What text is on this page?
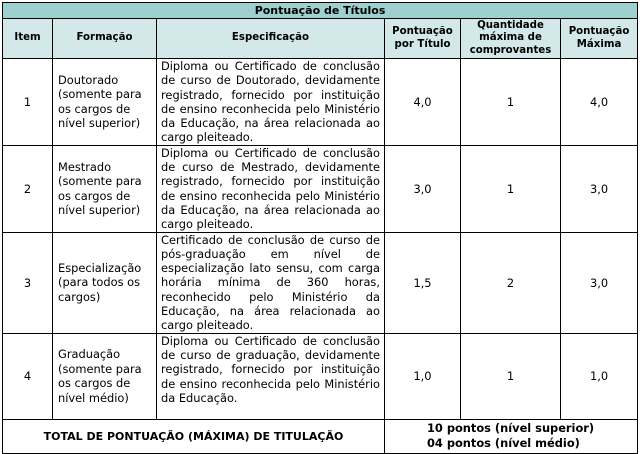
Pontuação de Títulos					
Item	Formação	Especificação	Pontuação por Título	Quantidade máxima de comprovantes	Pontuação Máxima
1	Doutorado (somente para os cargos de nível superior)	Diploma ou Certificado de conclusão de curso de Doutorado, devidamente registrado, fornecido por instituição de ensino reconhecida pelo Ministério da Educação, na área relacionada ao cargo pleiteado.	4,0	1	4,0
2	Mestrado (somente para os cargos de nível superior)	Diploma ou Certificado de conclusão de curso de Mestrado, devidamente registrado, fornecido por instituição de ensino reconhecida pelo Ministério da Educação, na área relacionada ao cargo pleiteado.	3,0	1	3,0
3	Especialização (para todos os cargos)	Certificado de conclusão de curso de pós-graduação em nível de especialização lato sensu, com carga horária mínima de 360 horas, reconhecido pelo Ministério da Educação, na área relacionada ao cargo pleiteado.	1,5	2	3,0
4	Graduação (somente para os cargos de nível médio)	Diploma ou Certificado de conclusão de curso de graduação, devidamente registrado, fornecido por instituição de ensino reconhecida pelo Ministério da Educação.	1,0	1	1,0
TOTAL DE PONTUAÇÃO (MÁXIMA) DE TITULAÇÃO			10 pontos (nível superior)
04 pontos (nível médio)		
